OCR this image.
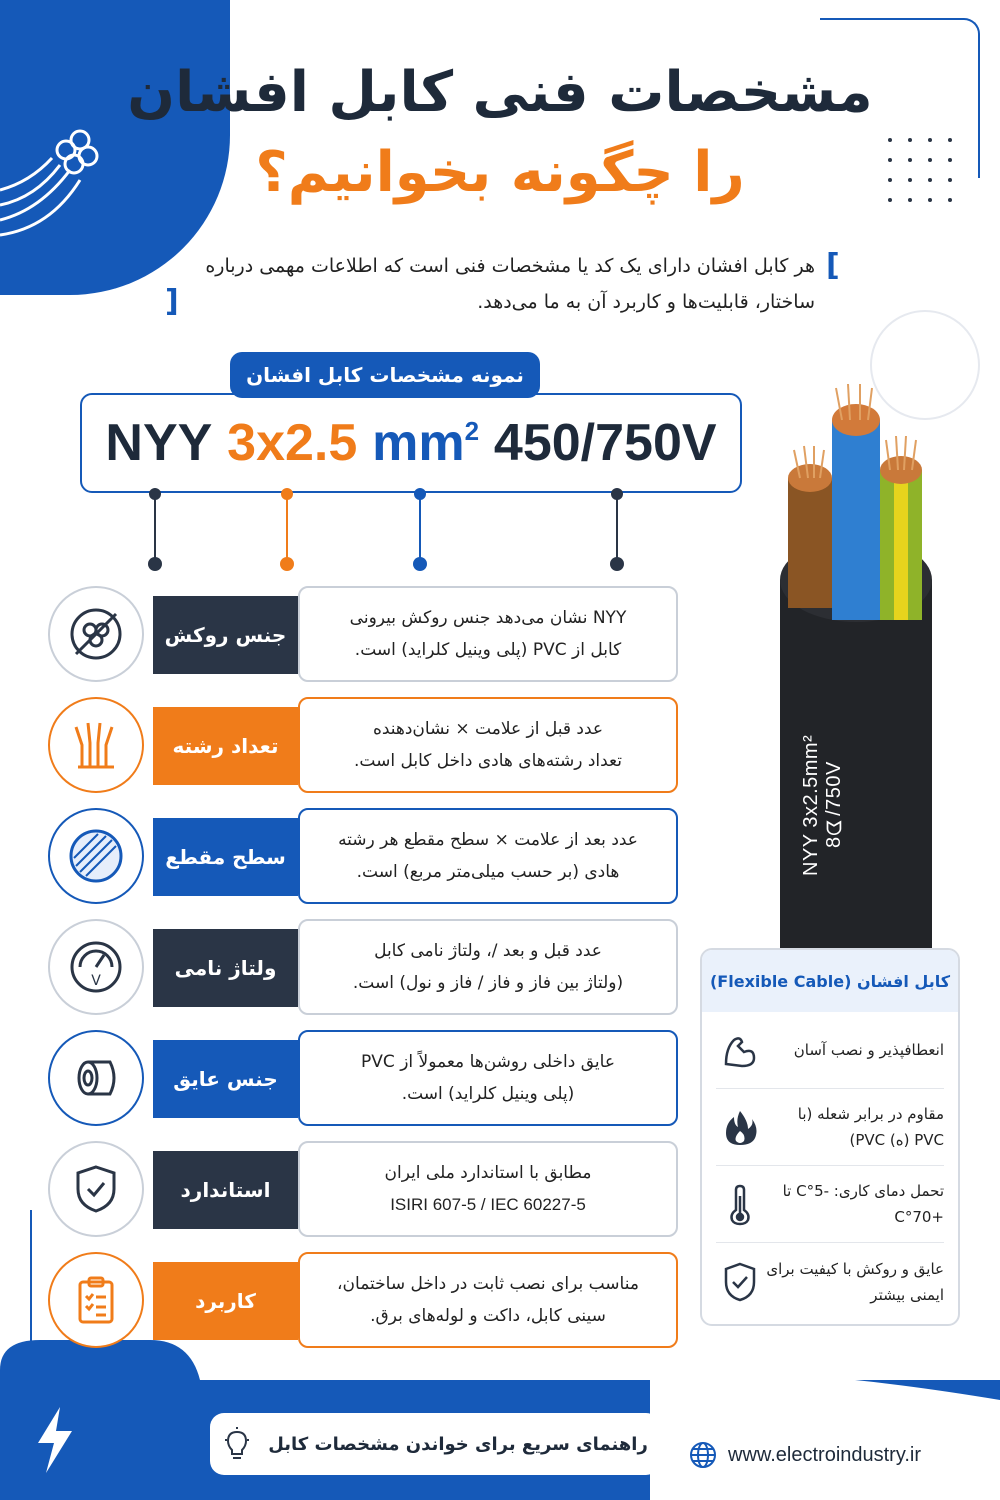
مشخصات فنی کابل افشان
را چگونه بخوانیم؟
[
هر کابل افشان دارای یک کد یا مشخصات فنی است که اطلاعات مهمی درباره ساختار، قابلیت‌ها و کاربرد آن به ما می‌دهد.
]
نمونه مشخصات کابل افشان
NYY 3x2.5 $mm^2$ 450/750V
جنس روکش
NYY نشان می‌دهد جنس روکش بیرونی
کابل از PVC (پلی وینیل کلراید) است.
تعداد رشته
عدد قبل از علامت × نشان‌دهنده
تعداد رشته‌های هادی داخل کابل است.
سطح مقطع
عدد بعد از علامت × سطح مقطع هر رشته
هادی (بر حسب میلی‌متر مربع) است.
V
ولتاژ نامی
عدد قبل و بعد /، ولتاژ نامی کابل
(ولتاژ بین فاز و فاز / فاز و نول) است.
جنس عایق
عایق داخلی روشن‌ها معمولاً از PVC
(پلی وینیل کلراید) است.
استاندارد
مطابق با استاندارد ملی ایران
ISIRI 607-5 / IEC 60227-5
کاربرد
مناسب برای نصب ثابت در داخل ساختمان،
سینی کابل، داکت و لوله‌های برق.
NYY 3x2.5mm² 8ᗣ/750V
کابل افشان (Flexible Cable)
انعطافپذیر و نصب آسان
مقاوم در برابر شعله (با PVC (ه) PVC)
تحمل دمای کاری: -5°C تا +70°C
عایق و روکش با کیفیت برای ایمنی بیشتر
راهنمای سریع برای خواندن مشخصات کابل	www.electroindustry.ir
